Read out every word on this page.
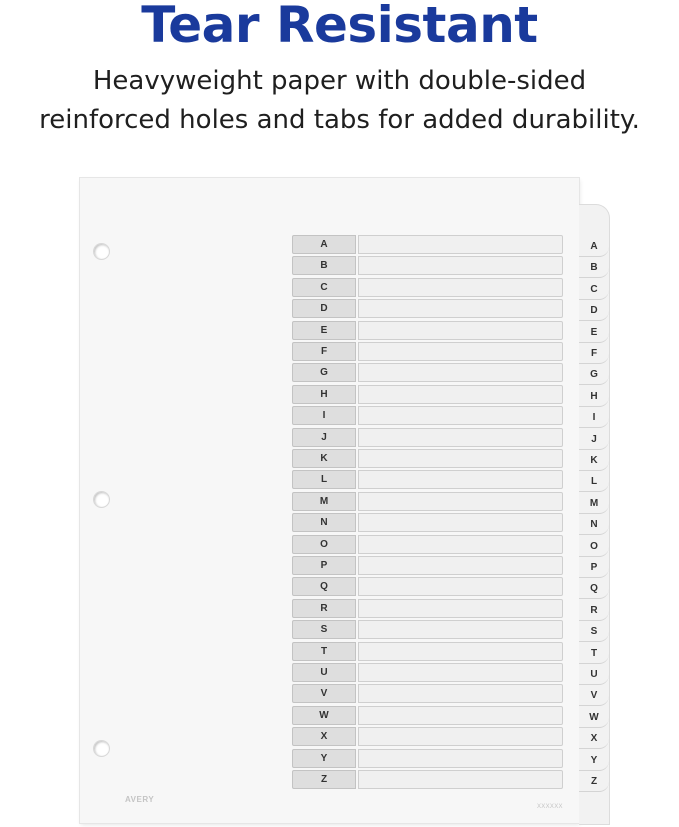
Tear Resistant

Heavyweight paper with double-sided

reinforced holes and tabs for added durability.

A
B
C
D
E
F
G
H
I
J
K
L
M
N
O
P
Q
R
S
T
U
V
W
X
Y
Z
AVERY
XXXXXX
A
B
C
D
E
F
G
H
I
J
K
L
M
N
O
P
Q
R
S
T
U
V
W
X
Y
Z
